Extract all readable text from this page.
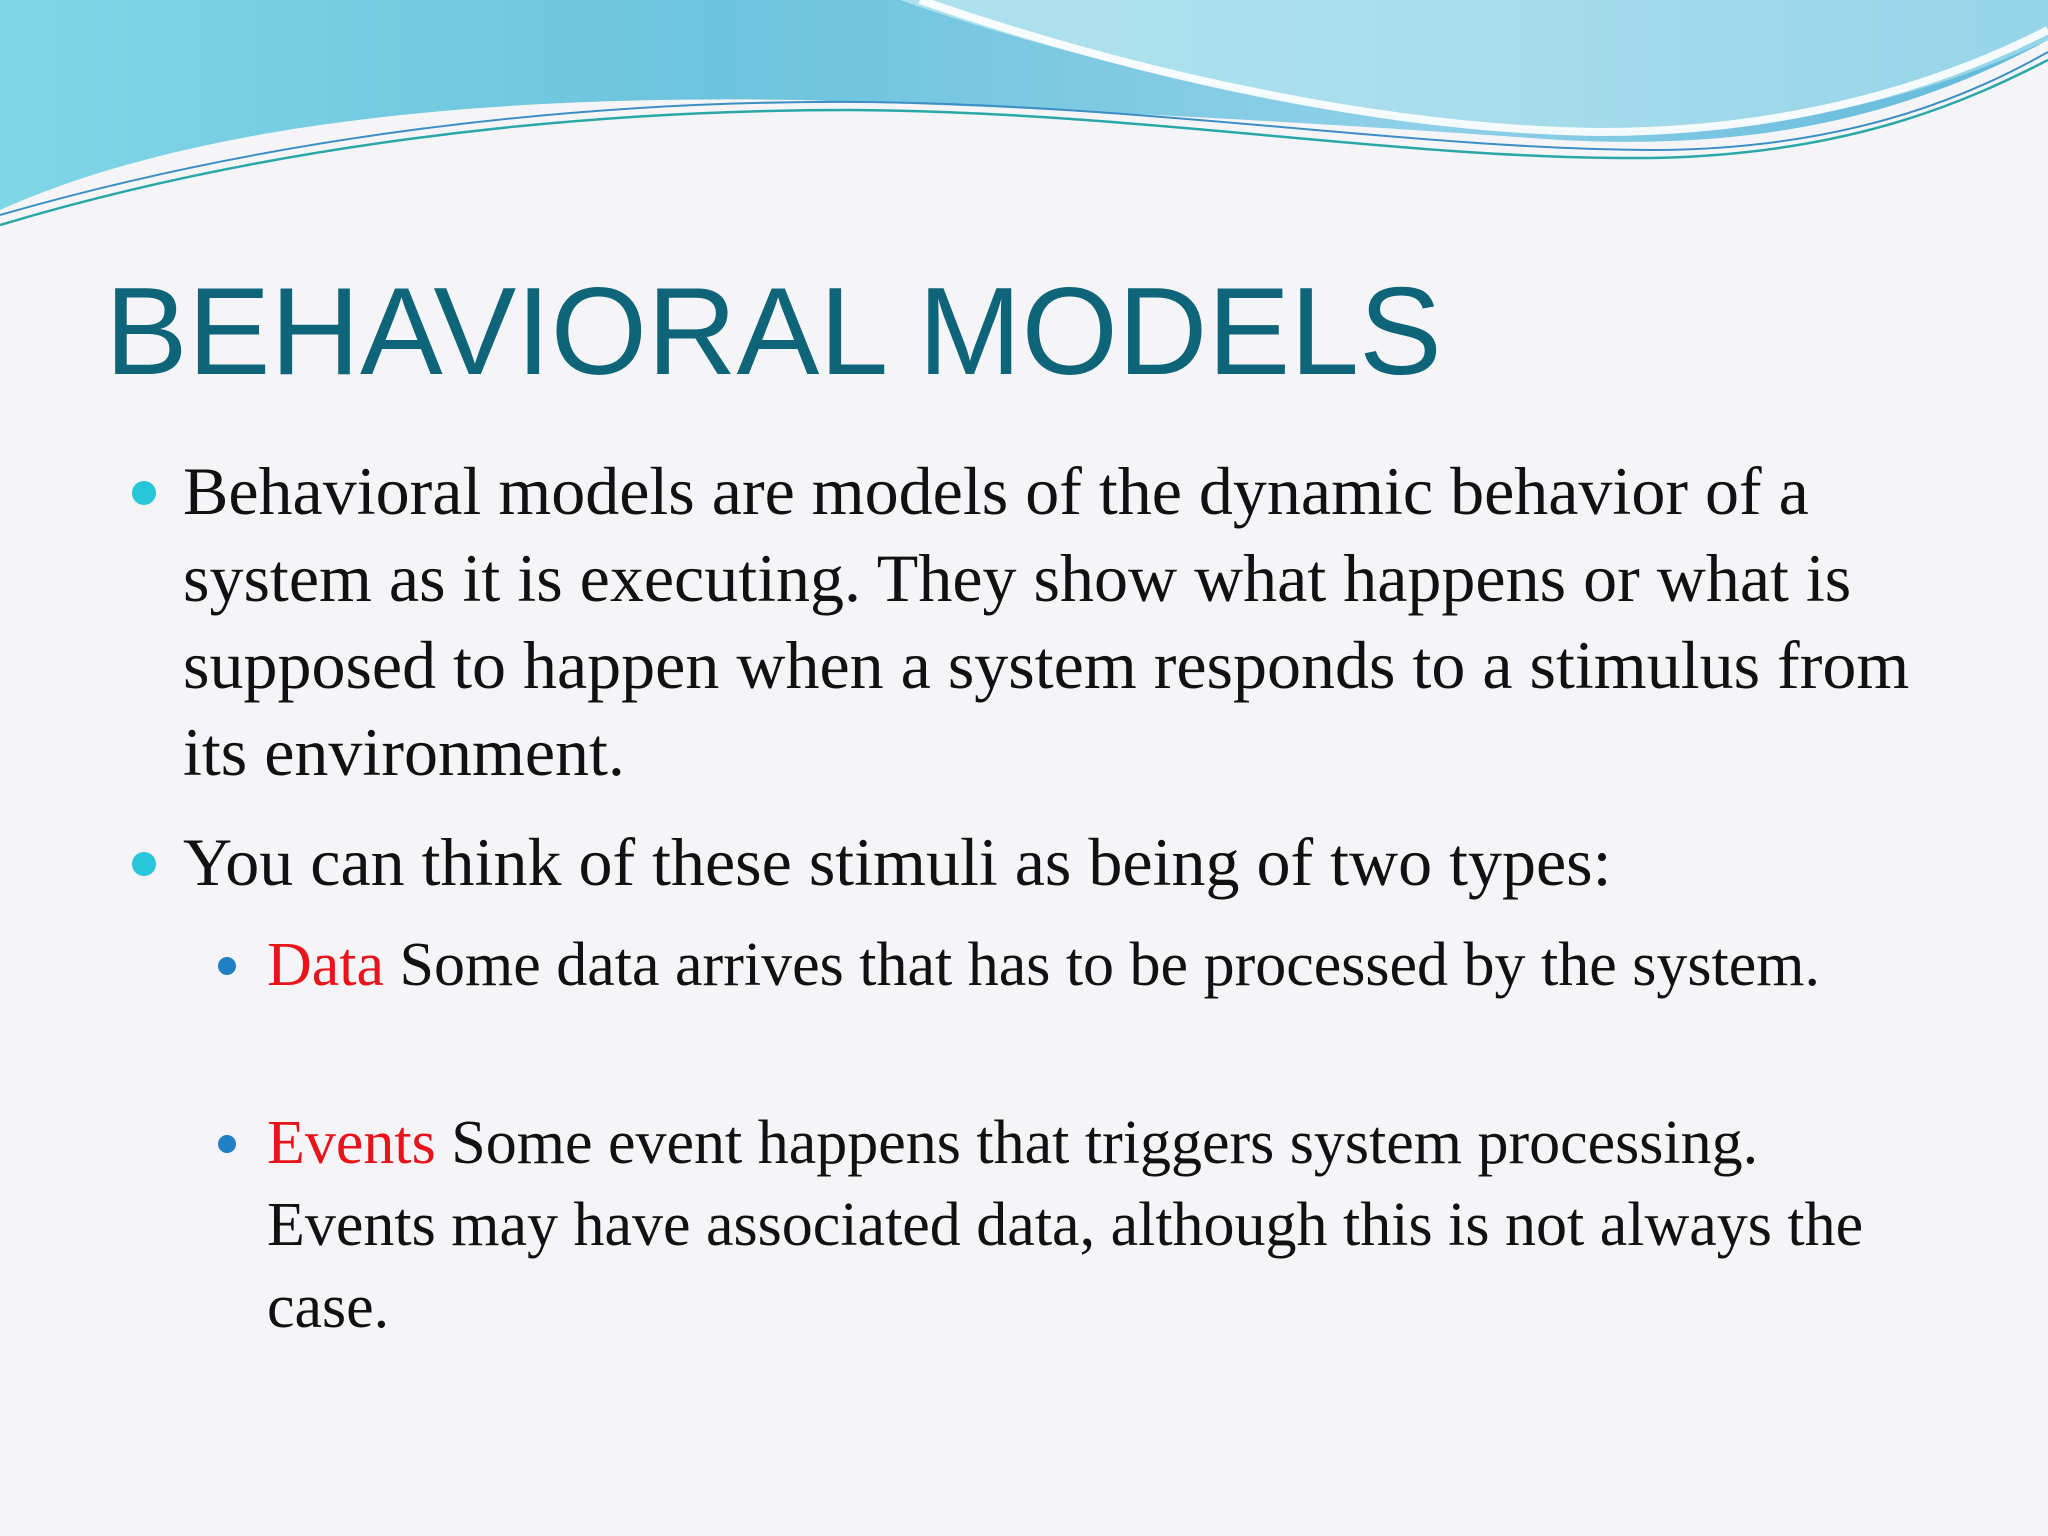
BEHAVIORAL MODELS
Behavioral models are models of the dynamic behavior of a system as it is executing. They show what happens or what is supposed to happen when a system responds to a stimulus from its environment.
You can think of these stimuli as being of two types:
Data Some data arrives that has to be processed by the system.
Events Some event happens that triggers system processing. Events may have associated data, although this is not always the case.
